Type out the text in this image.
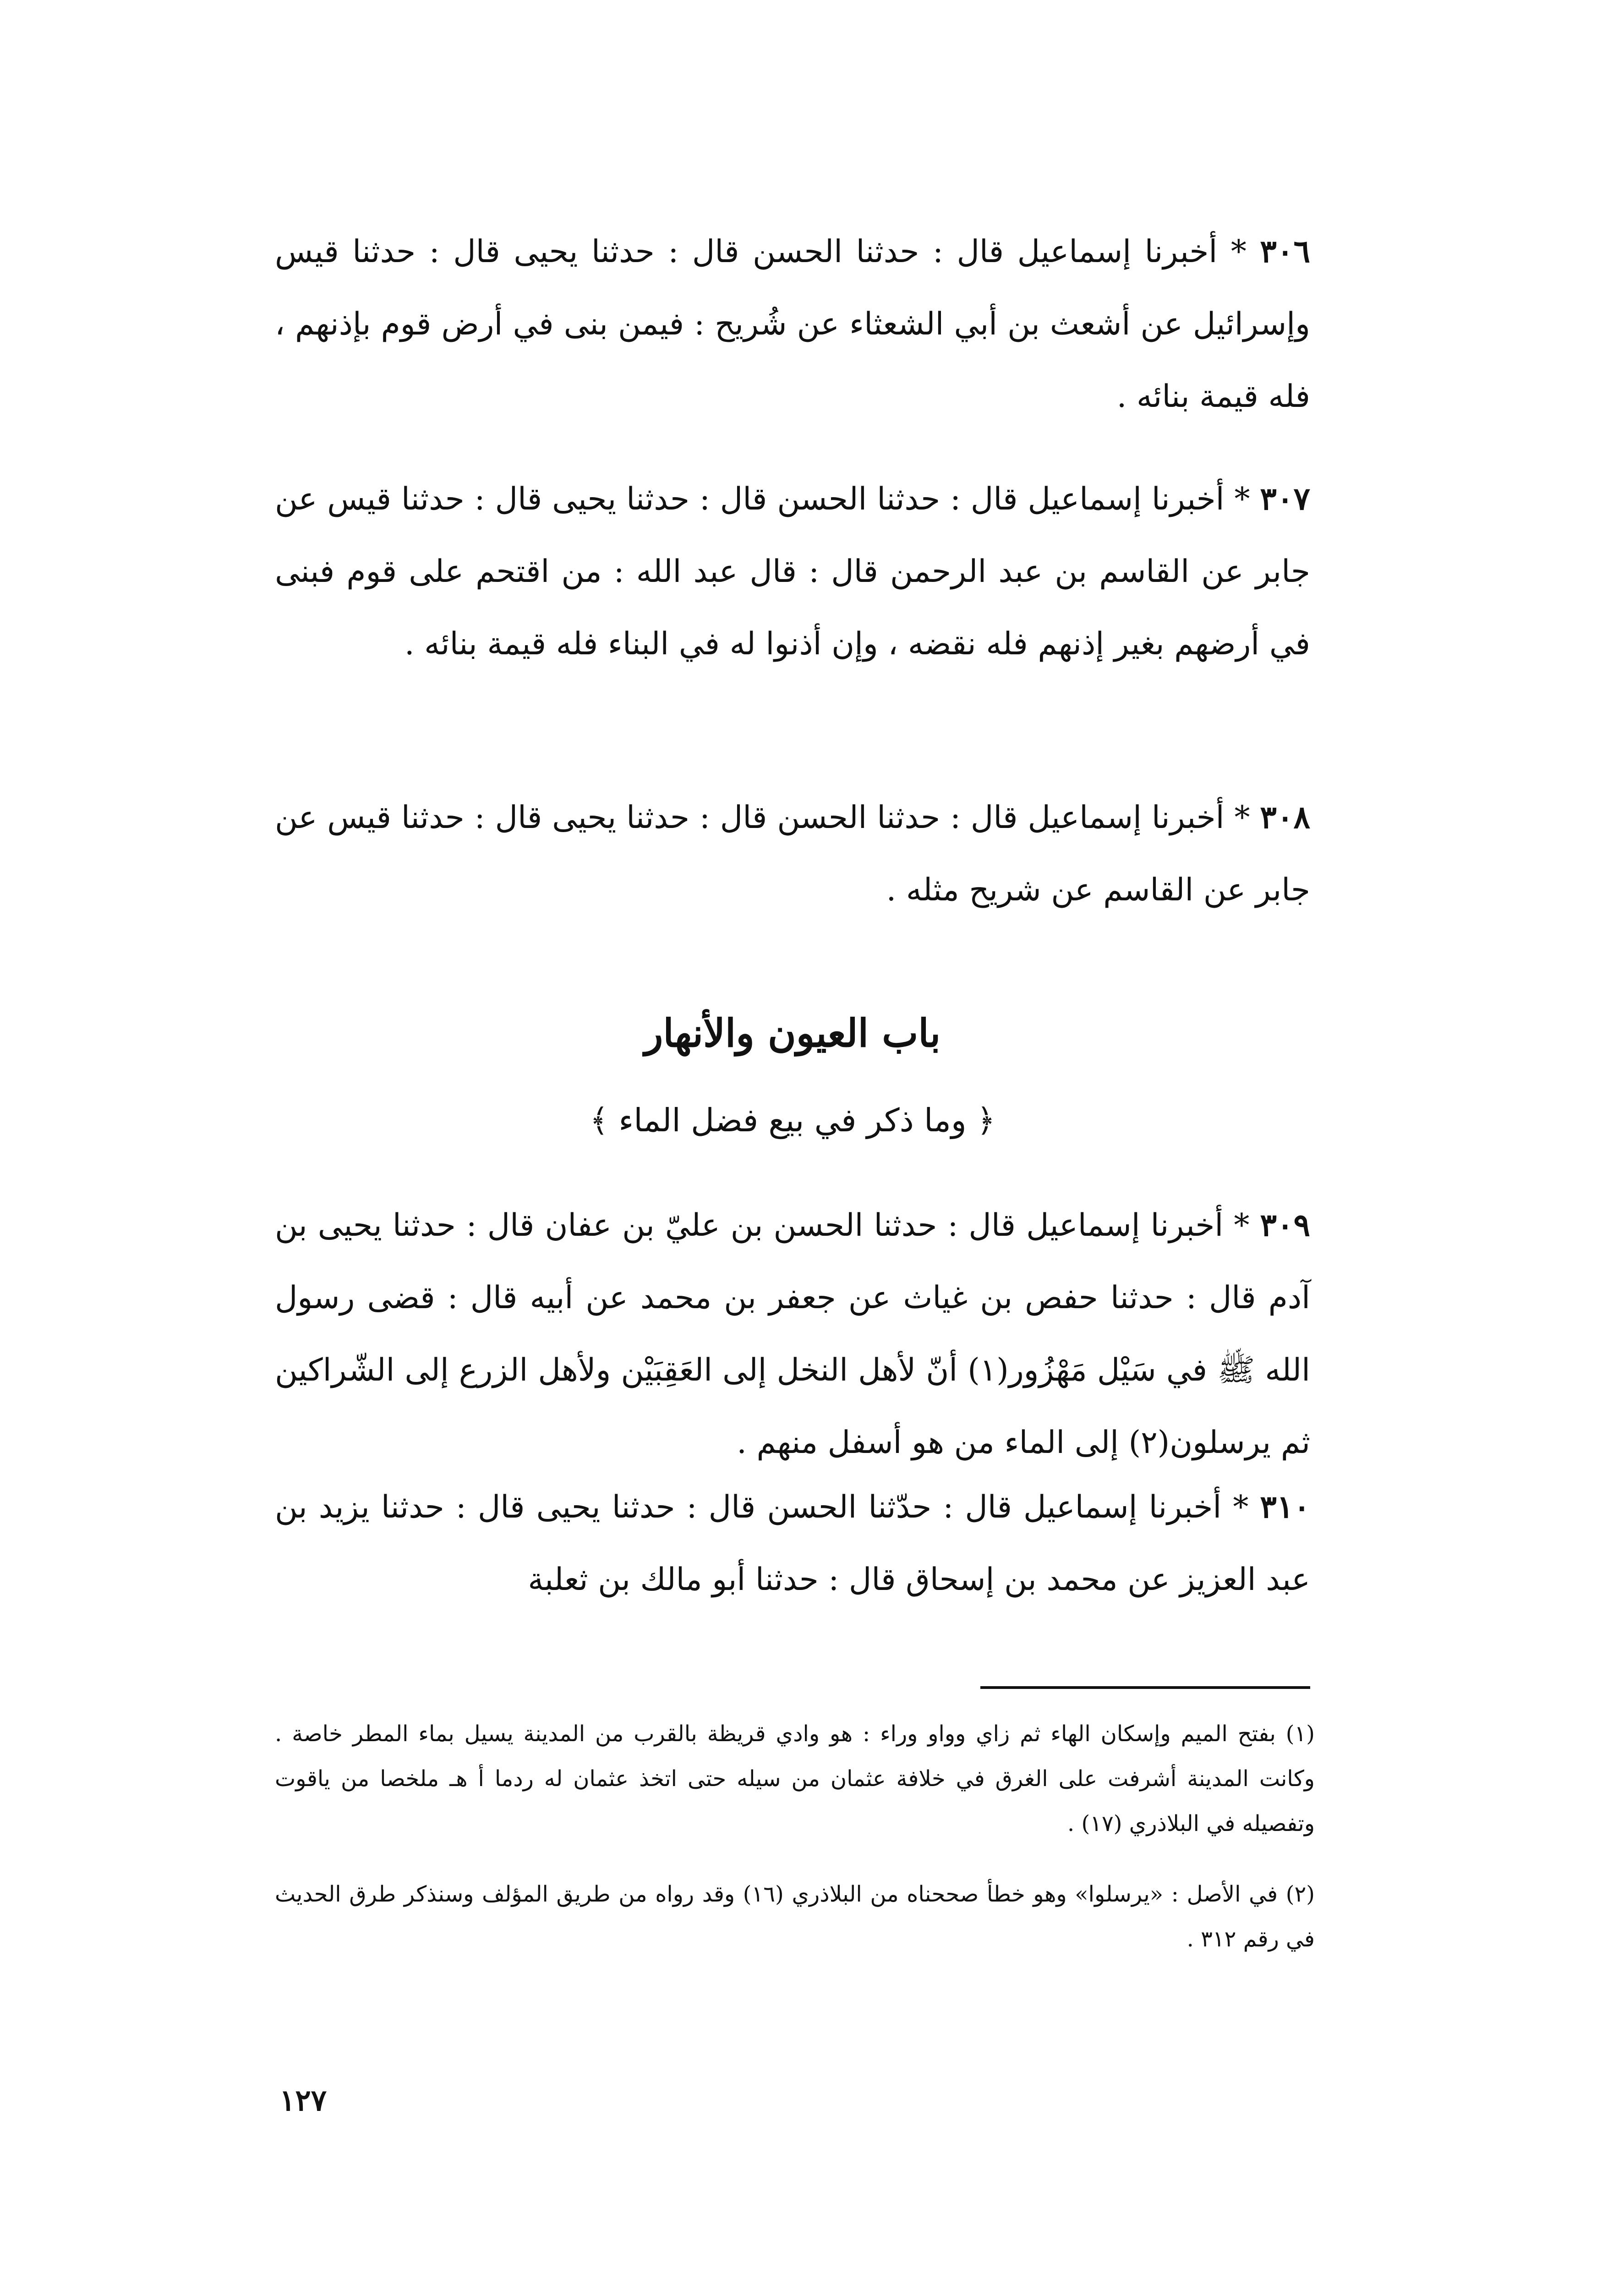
٣٠٦ * أخبرنا إسماعيل قال : حدثنا الحسن قال : حدثنا يحيى قال : حدثنا قيس وإسرائيل عن أشعث بن أبي الشعثاء عن شُريح : فيمن بنى في أرض قوم بإذنهم ، فله قيمة بنائه .

٣٠٧ * أخبرنا إسماعيل قال : حدثنا الحسن قال : حدثنا يحيى قال : حدثنا قيس عن جابر عن القاسم بن عبد الرحمن قال : قال عبد الله : من اقتحم على قوم فبنى في أرضهم بغير إذنهم فله نقضه ، وإن أذنوا له في البناء فله قيمة بنائه .

٣٠٨ * أخبرنا إسماعيل قال : حدثنا الحسن قال : حدثنا يحيى قال : حدثنا قيس عن جابر عن القاسم عن شريح مثله .

باب العيون والأنهار
﴿ وما ذكر في بيع فضل الماء ﴾

٣٠٩ * أخبرنا إسماعيل قال : حدثنا الحسن بن عليّ بن عفان قال : حدثنا يحيى بن آدم قال : حدثنا حفص بن غياث عن جعفر بن محمد عن أبيه قال : قضى رسول الله ﷺ في سَيْل مَهْزُور(١) أنّ لأهل النخل إلى العَقِبَيْن ولأهل الزرع إلى الشّراكين ثم يرسلون(٢) إلى الماء من هو أسفل منهم .

٣١٠ * أخبرنا إسماعيل قال : حدّثنا الحسن قال : حدثنا يحيى قال : حدثنا يزيد بن عبد العزيز عن محمد بن إسحاق قال : حدثنا أبو مالك بن ثعلبة

(١) بفتح الميم وإسكان الهاء ثم زاي وواو وراء : هو وادي قريظة بالقرب من المدينة يسيل بماء المطر خاصة . وكانت المدينة أشرفت على الغرق في خلافة عثمان من سيله حتى اتخذ عثمان له ردما أ هـ ملخصا من ياقوت وتفصيله في البلاذري (١٧) .

(٢) في الأصل : «يرسلوا» وهو خطأ صححناه من البلاذري (١٦) وقد رواه من طريق المؤلف وسنذكر طرق الحديث في رقم ٣١٢ .

١٢٧
